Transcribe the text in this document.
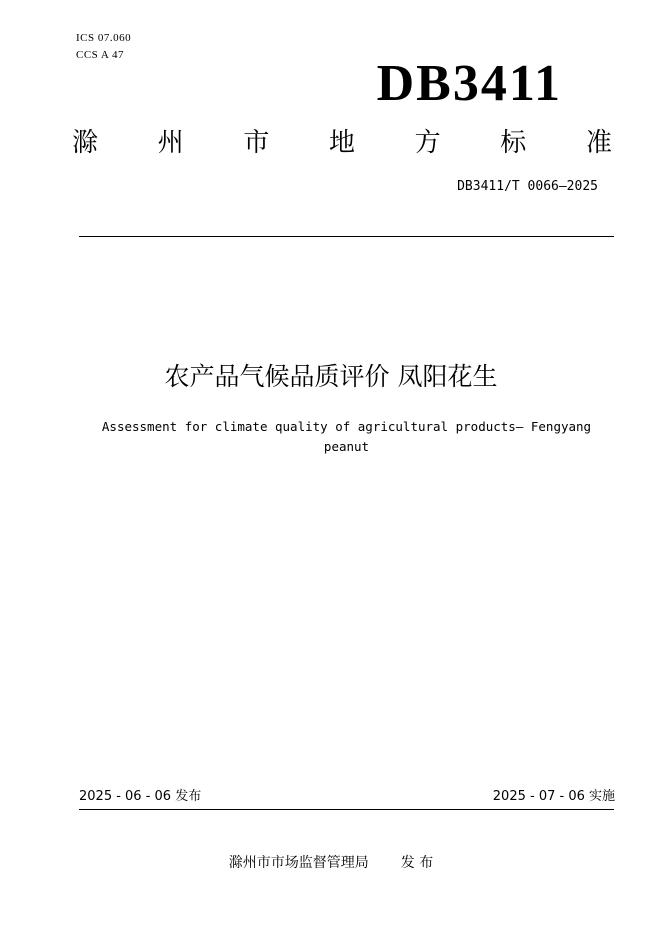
ICS 07.060
CCS A 47	DB3411
滁 州 市 地 方 标 准
DB3411/T 0066—2025
农产品气候品质评价 凤阳花生
Assessment for climate quality of agricultural products— Fengyang
peanut
2025 - 06 - 06 发布	2025 - 07 - 06 实施
滁州市市场监督管理局 发 布
